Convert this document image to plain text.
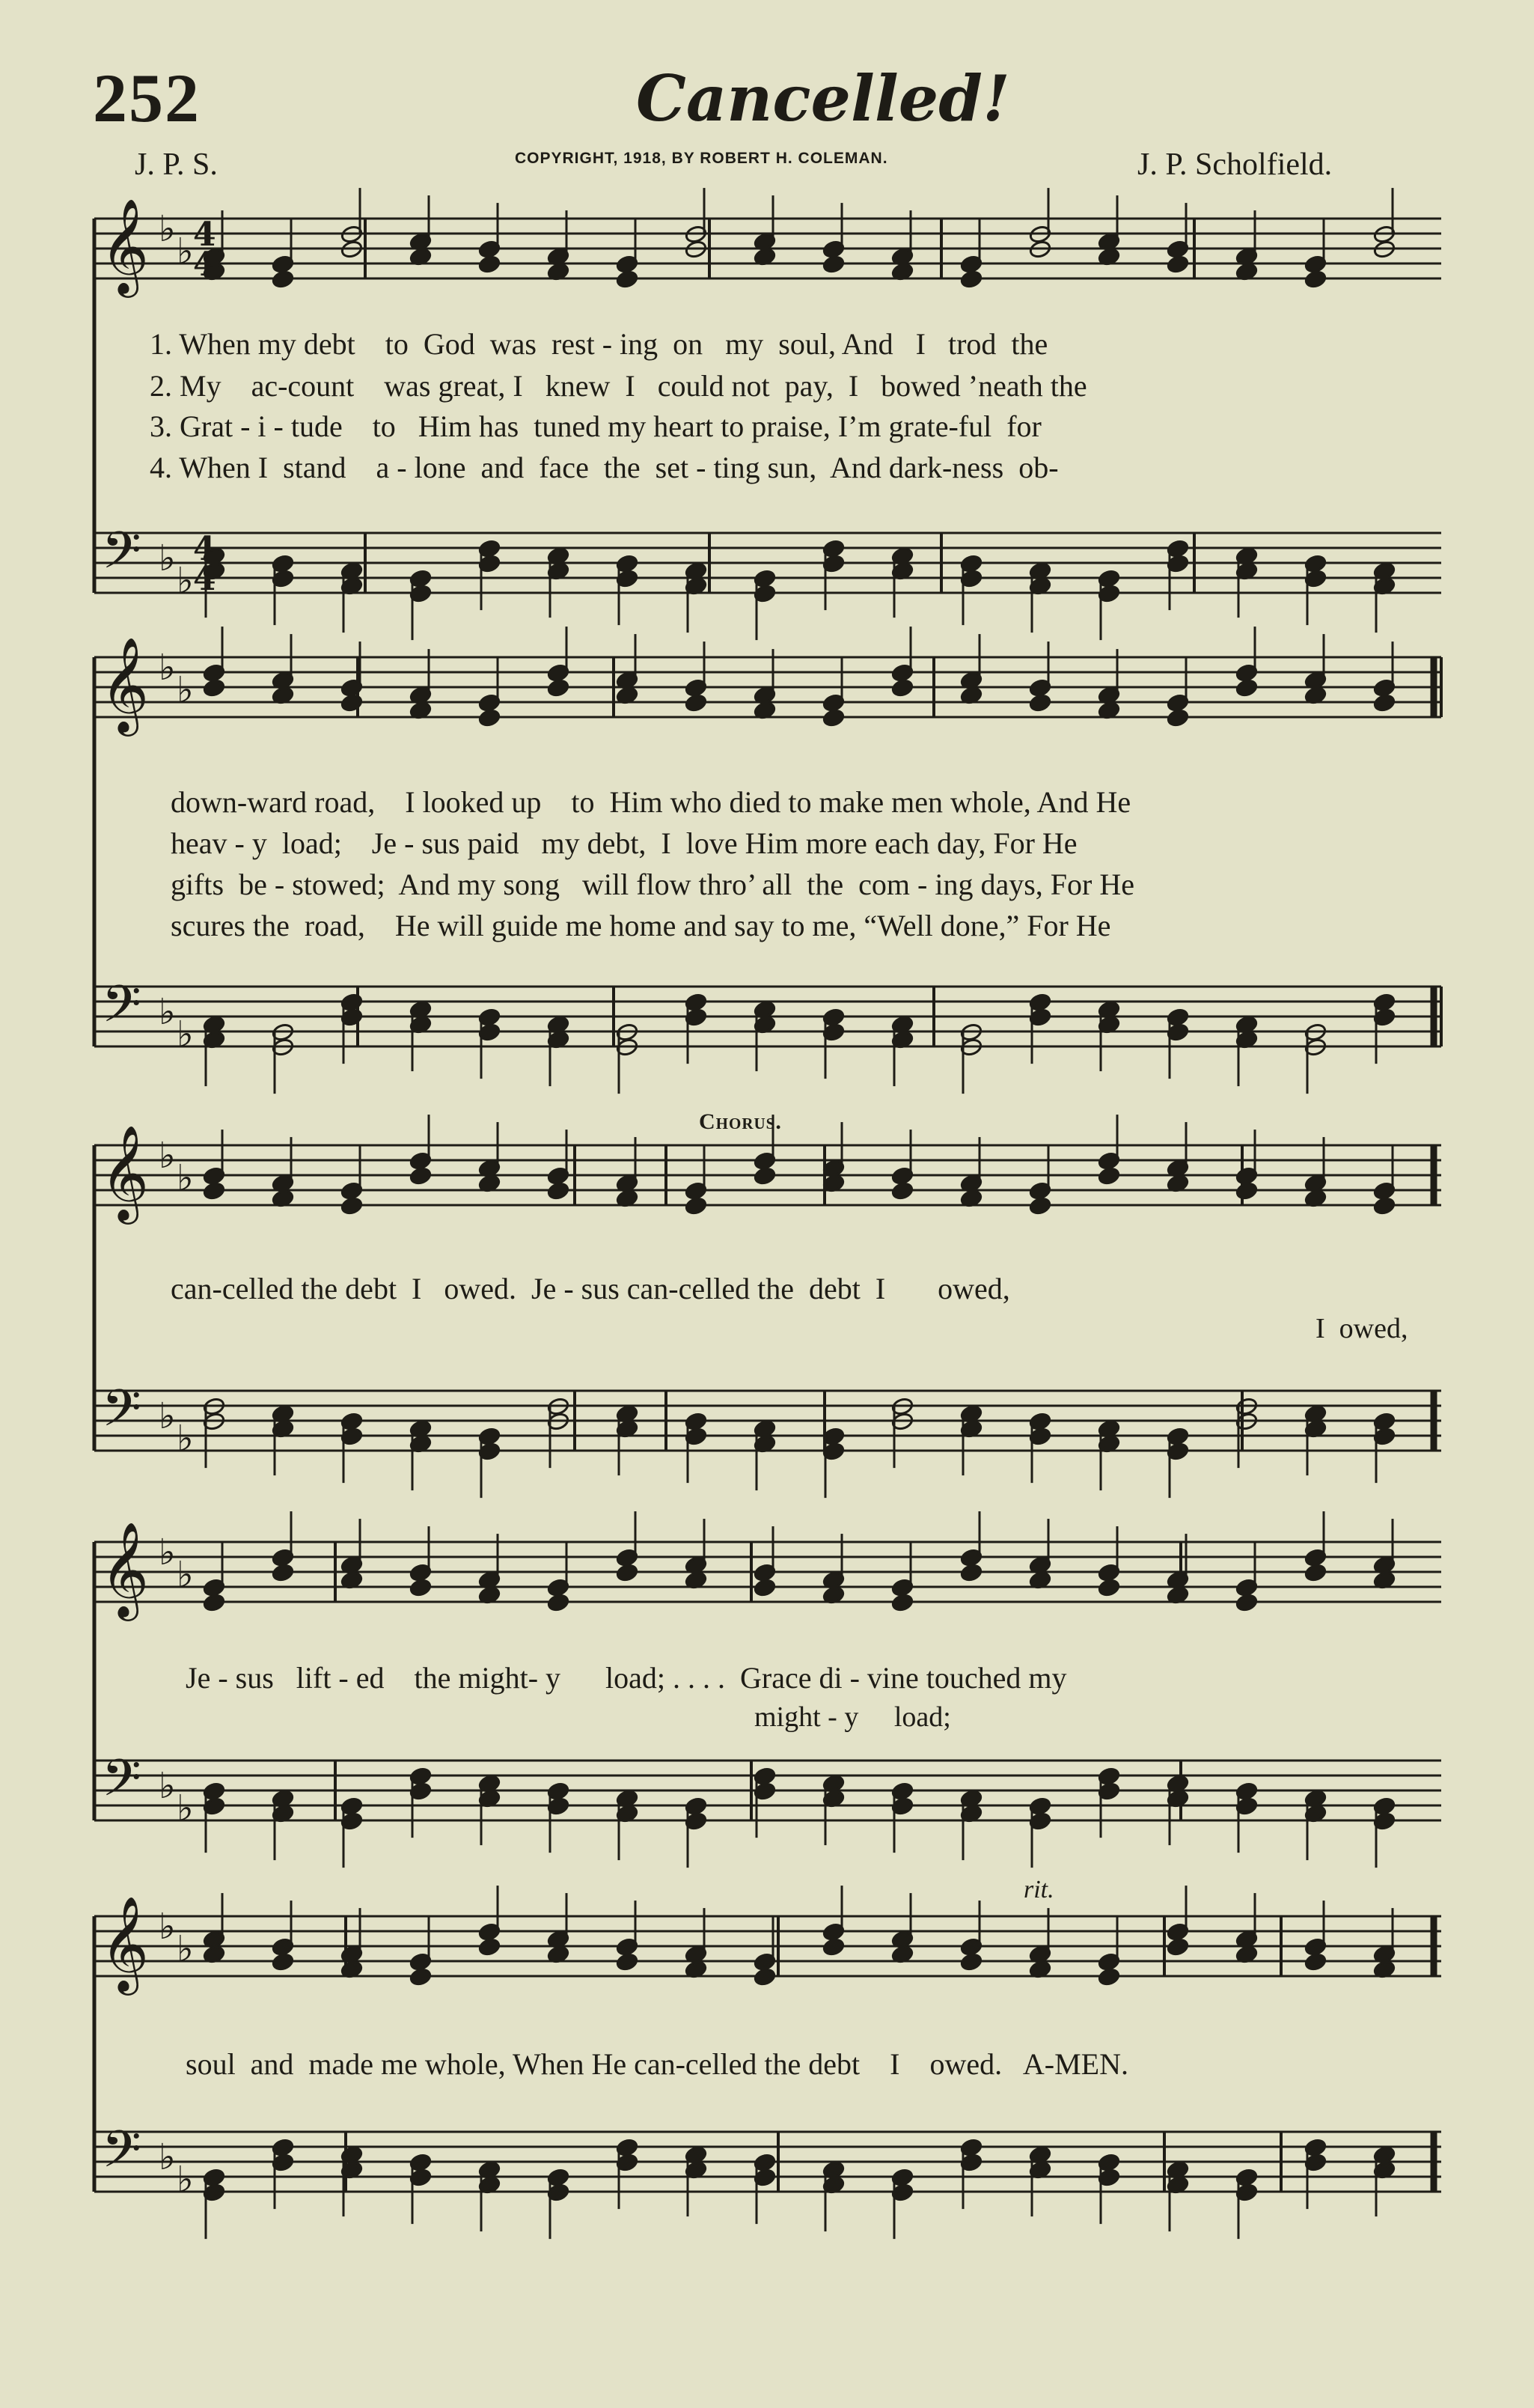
252	Cancelled!
J. P. S.	COPYRIGHT, 1918, BY ROBERT H. COLEMAN.	J. P. Scholfield.
𝄞
𝄢
♭
♭
♭
♭
𝄞
𝄢
♭
♭
♭
♭
𝄞
𝄢
♭
♭
♭
♭
𝄞
𝄢
♭
♭
♭
♭
𝄞
𝄢
♭
♭
♭
♭
4
4
4
4
1. When my debt    to  God  was  rest - ing  on   my  soul, And   I   trod  the
2. My    ac-count    was great, I   knew  I   could not  pay,  I   bowed ’neath the
3. Grat - i - tude    to   Him has  tuned my heart to praise, I’m grate-ful  for
4. When I  stand    a - lone  and  face  the  set - ting sun,  And dark-ness  ob-
down-ward road,    I looked up    to  Him who died to make men whole, And He
heav - y  load;    Je - sus paid   my debt,  I  love Him more each day, For He
gifts  be - stowed;  And my song   will flow thro’ all  the  com - ing days, For He
scures the  road,    He will guide me home and say to me, “Well done,” For He
Chorus.
can-celled the debt  I   owed.  Je - sus can-celled the  debt  I       owed,
I  owed,
Je - sus   lift - ed    the might- y      load; . . . .  Grace di - vine touched my
might - y     load;
rit.
soul  and  made me whole, When He can-celled the debt    I    owed.   A-MEN.
